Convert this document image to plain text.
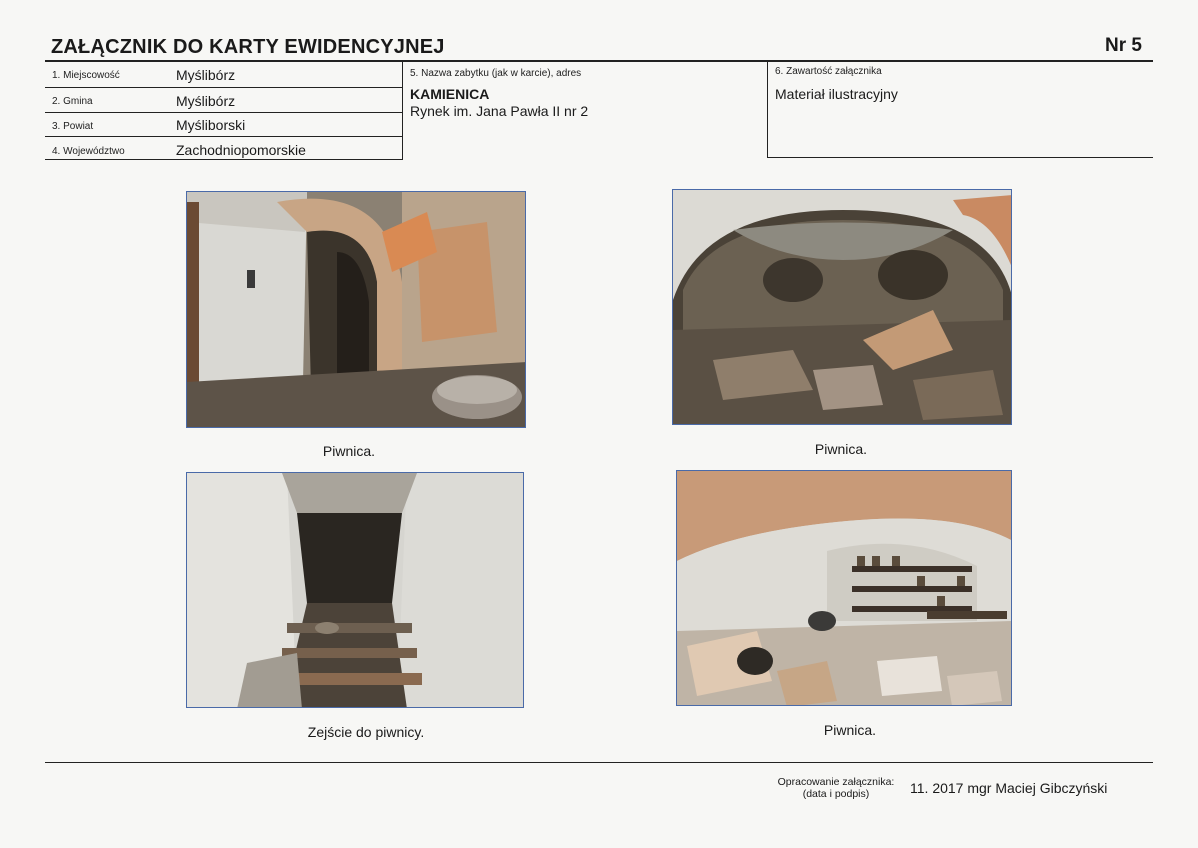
ZAŁĄCZNIK DO KARTY EWIDENCYJNEJ	Nr 5
1. Miejscowość	Myślibórz
2. Gmina	Myślibórz
3. Powiat	Myśliborski
4. Województwo	Zachodniopomorskie
5. Nazwa zabytku (jak w karcie), adres
KAMIENICA
Rynek im. Jana Pawła II nr 2
6. Zawartość załącznika
Materiał ilustracyjny
Piwnica.	Piwnica.
Zejście do piwnicy.	Piwnica.
Opracowanie załącznika:
(data i podpis)	11. 2017 mgr Maciej Gibczyński
